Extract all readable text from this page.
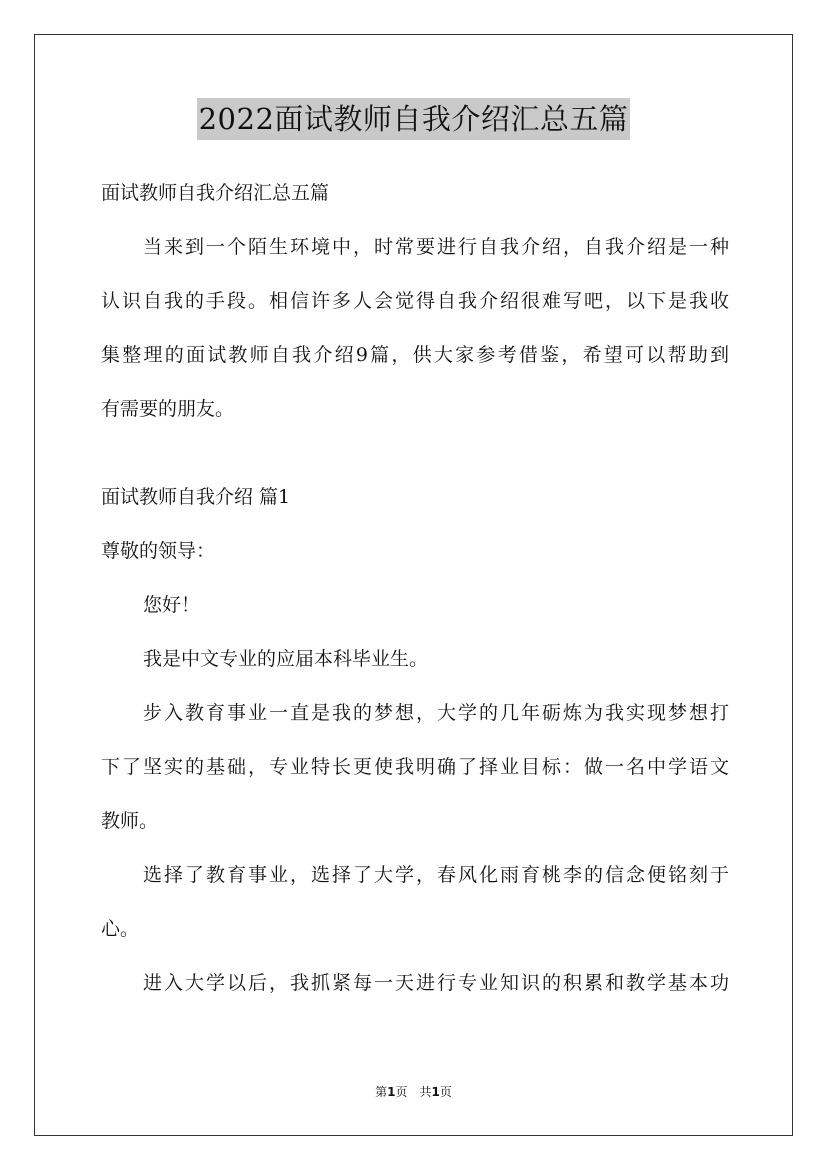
2022面试教师自我介绍汇总五篇
面试教师自我介绍汇总五篇
当来到一个陌生环境中，时常要进行自我介绍，自我介绍是一种
认识自我的手段。相信许多人会觉得自我介绍很难写吧，以下是我收
集整理的面试教师自我介绍9篇，供大家参考借鉴，希望可以帮助到
有需要的朋友。
面试教师自我介绍 篇1
尊敬的领导：
您好！
我是中文专业的应届本科毕业生。
步入教育事业一直是我的梦想，大学的几年砺炼为我实现梦想打
下了坚实的基础，专业特长更使我明确了择业目标：做一名中学语文
教师。
选择了教育事业，选择了大学，春风化雨育桃李的信念便铭刻于
心。
进入大学以后，我抓紧每一天进行专业知识的积累和教学基本功
第1页 共1页
